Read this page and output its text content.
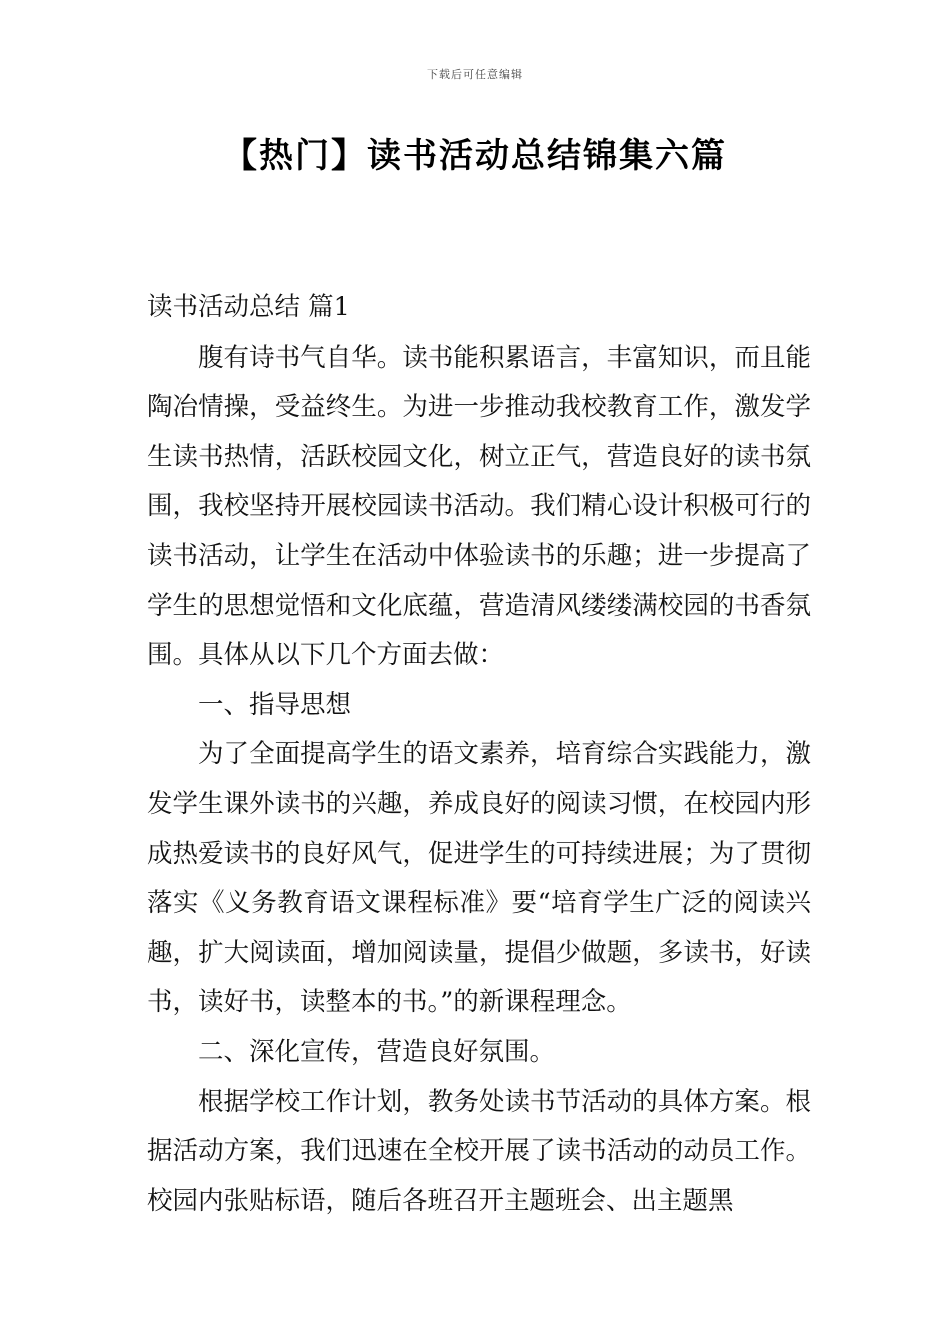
下载后可任意编辑
【热门】读书活动总结锦集六篇

读书活动总结 篇1

腹有诗书气自华。读书能积累语言，丰富知识，而且能陶冶情操，受益终生。为进一步推动我校教育工作，激发学生读书热情，活跃校园文化，树立正气，营造良好的读书氛围，我校坚持开展校园读书活动。我们精心设计积极可行的读书活动，让学生在活动中体验读书的乐趣；进一步提高了学生的思想觉悟和文化底蕴，营造清风缕缕满校园的书香氛围。具体从以下几个方面去做：

一、指导思想

为了全面提高学生的语文素养，培育综合实践能力，激发学生课外读书的兴趣，养成良好的阅读习惯，在校园内形成热爱读书的良好风气，促进学生的可持续进展；为了贯彻落实《义务教育语文课程标准》要“培育学生广泛的阅读兴趣，扩大阅读面，增加阅读量，提倡少做题，多读书，好读书，读好书，读整本的书。”的新课程理念。

二、深化宣传，营造良好氛围。

根据学校工作计划，教务处读书节活动的具体方案。根据活动方案，我们迅速在全校开展了读书活动的动员工作。校园内张贴标语，随后各班召开主题班会、出主题黑
